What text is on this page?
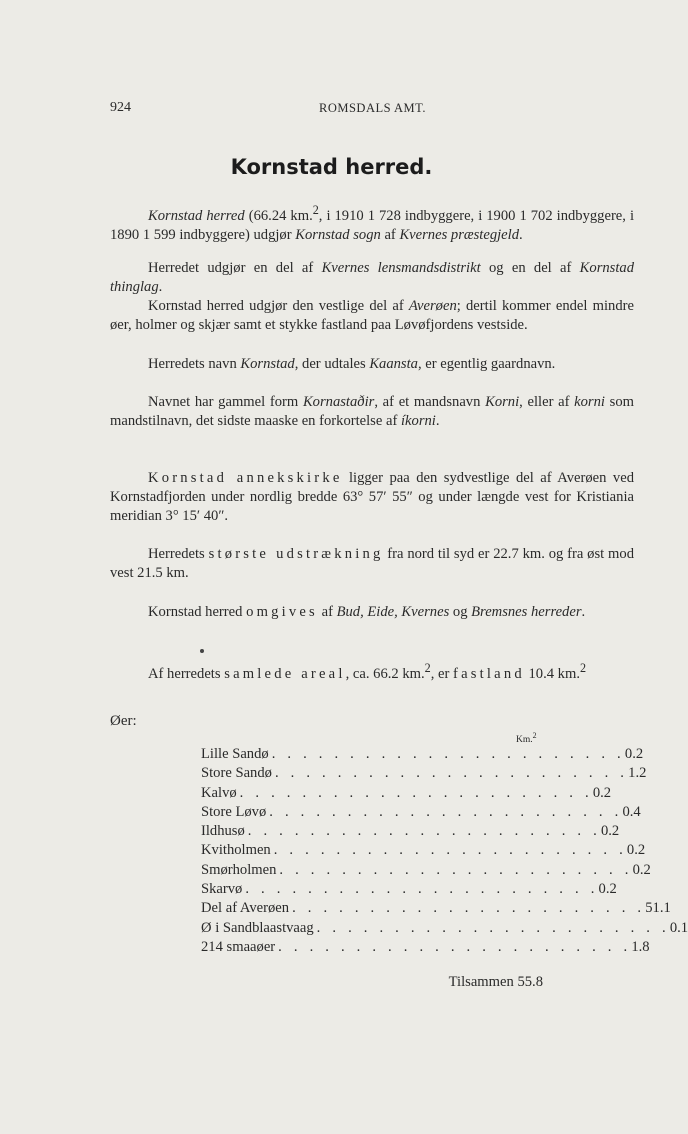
924	ROMSDALS AMT.
Kornstad herred.
Kornstad herred (66.24 km.$^2$, i 1910 1 728 indbyggere, i 1900 1 702 indbyggere, i 1890 1 599 indbyggere) udgjør Kornstad sogn af Kvernes præstegjeld.
Herredet udgjør en del af Kvernes lensmandsdistrikt og en del af Kornstad thinglag.
Kornstad herred udgjør den vestlige del af Averøen; dertil kommer endel mindre øer, holmer og skjær samt et stykke fastland paa Løvøfjordens vestside.
Herredets navn Kornstad, der udtales Kaansta, er egentlig gaardnavn.
Navnet har gammel form Kornastaðir, af et mandsnavn Korni, eller af korni som mandstilnavn, det sidste maaske en forkortelse af íkorni.
Kornstad annekskirke ligger paa den sydvestlige del af Averøen ved Kornstadfjorden under nordlig bredde 63° 57′ 55″ og under længde vest for Kristiania meridian 3° 15′ 40″.
Herredets største udstrækning fra nord til syd er 22.7 km. og fra øst mod vest 21.5 km.
Kornstad herred omgives af Bud, Eide, Kvernes og Bremsnes herreder.
Af herredets samlede areal, ca. 66.2 km.$^2$, er fastland 10.4 km.$^2$
Øer:
Km.$^2$
Lille Sandø . . . . . . . . . . . . . . . . . . . . . . . 0.2
Store Sandø . . . . . . . . . . . . . . . . . . . . . . . 1.2
Kalvø . . . . . . . . . . . . . . . . . . . . . . . 0.2
Store Løvø . . . . . . . . . . . . . . . . . . . . . . . 0.4
Ildhusø . . . . . . . . . . . . . . . . . . . . . . . 0.2
Kvitholmen . . . . . . . . . . . . . . . . . . . . . . . 0.2
Smørholmen . . . . . . . . . . . . . . . . . . . . . . . 0.2
Skarvø . . . . . . . . . . . . . . . . . . . . . . . 0.2
Del af Averøen . . . . . . . . . . . . . . . . . . . . . . . 51.1
Ø i Sandblaastvaag . . . . . . . . . . . . . . . . . . . . . . . 0.1
214 smaaøer . . . . . . . . . . . . . . . . . . . . . . . 1.8
Tilsammen 55.8
